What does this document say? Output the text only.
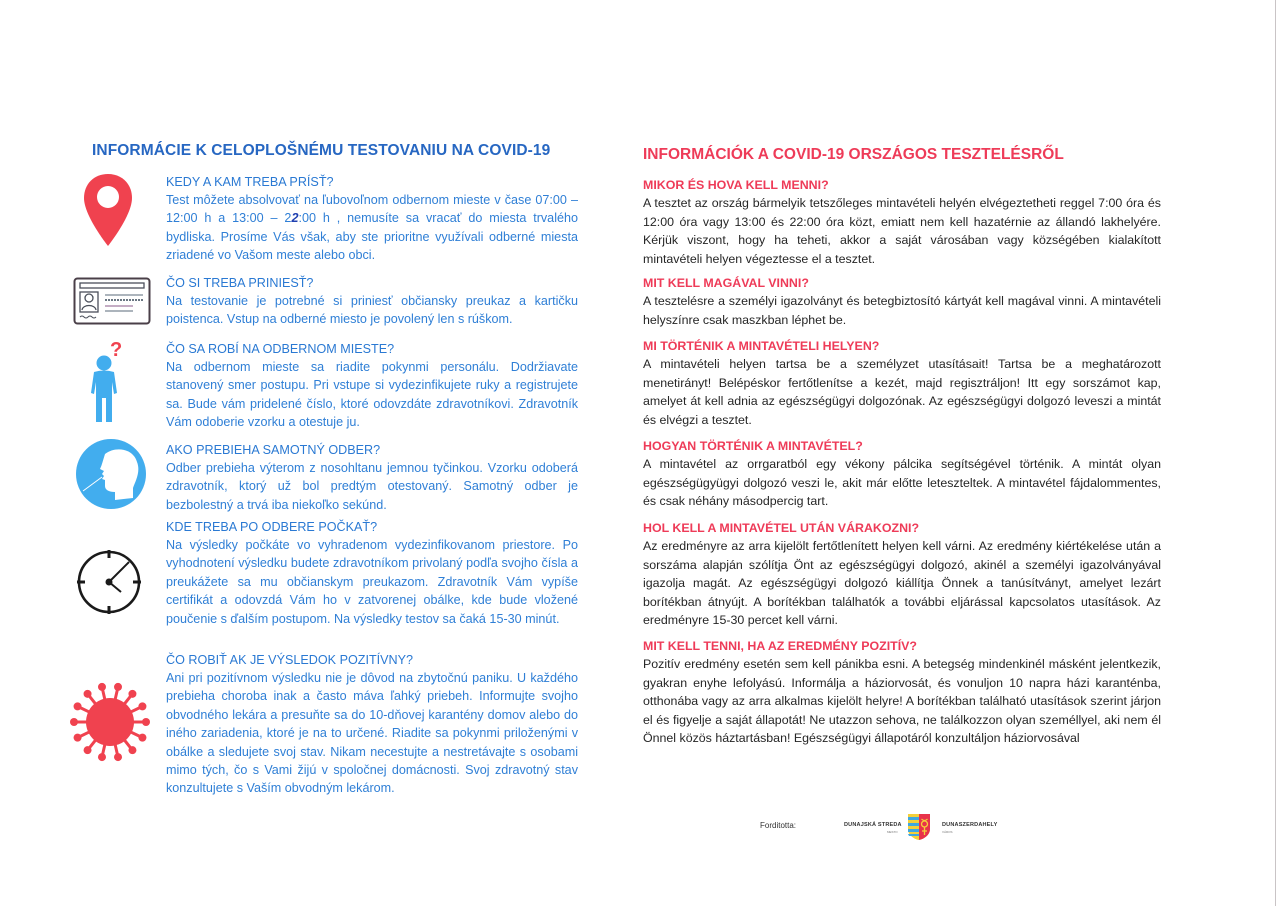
INFORMÁCIE K CELOPLOŠNÉMU TESTOVANIU NA COVID-19
KEDY A KAM TREBA PRÍSŤ?
Test môžete absolvovať na ľubovoľnom odbernom mieste v čase 07:00 – 12:00 h a 13:00 – 22:00 h , nemusíte sa vracať do miesta trvalého bydliska. Prosíme Vás však, aby ste prioritne využívali odberné miesta zriadené vo Vašom meste alebo obci.
ČO SI TREBA PRINIESŤ?
Na testovanie je potrebné si priniesť občiansky preukaz a kartičku poistenca. Vstup na odberné miesto je povolený len s rúškom.
?	ČO SA ROBÍ NA ODBERNOM MIESTE?
Na odbernom mieste sa riadite pokynmi personálu. Dodržiavate stanovený smer postupu. Pri vstupe si vydezinfikujete ruky a registrujete sa. Bude vám pridelené číslo, ktoré odovzdáte zdravotníkovi. Zdravotník Vám odoberie vzorku a otestuje ju.
AKO PREBIEHA SAMOTNÝ ODBER?
Odber prebieha výterom z nosohltanu jemnou tyčinkou. Vzorku odoberá zdravotník, ktorý už bol predtým otestovaný. Samotný odber je bezbolestný a trvá iba niekoľko sekúnd.
KDE TREBA PO ODBERE POČKAŤ?
Na výsledky počkáte vo vyhradenom vydezinfikovanom priestore. Po vyhodnotení výsledku budete zdravotníkom privolaný podľa svojho čísla a preukážete sa mu občianskym preukazom. Zdravotník Vám vypíše certifikát a odovzdá Vám ho v zatvorenej obálke, kde bude vložené poučenie s ďalším postupom. Na výsledky testov sa čaká 15-30 minút.
ČO ROBIŤ AK JE VÝSLEDOK POZITÍVNY?
Ani pri pozitívnom výsledku nie je dôvod na zbytočnú paniku. U každého prebieha choroba inak a často máva ľahký priebeh. Informujte svojho obvodného lekára a presuňte sa do 10-dňovej karantény domov alebo do iného zariadenia, ktoré je na to určené. Riadite sa pokynmi priloženými v obálke a sledujete svoj stav. Nikam necestujte a nestretávajte s osobami mimo tých, čo s Vami žijú v spoločnej domácnosti. Svoj zdravotný stav konzultujete s Vaším obvodným lekárom.
INFORMÁCIÓK A COVID-19 ORSZÁGOS TESZTELÉSRŐL
MIKOR ÉS HOVA KELL MENNI?
A tesztet az ország bármelyik tetszőleges mintavételi helyén elvégeztetheti reggel 7:00 óra és 12:00 óra vagy 13:00 és 22:00 óra közt, emiatt nem kell hazatérnie az állandó lakhelyére. Kérjük viszont, hogy ha teheti, akkor a saját városában vagy községében kialakított mintavételi helyen végeztesse el a tesztet.
MIT KELL MAGÁVAL VINNI?
A tesztelésre a személyi igazolványt és betegbiztosító kártyát kell magával vinni. A mintavételi helyszínre csak maszkban léphet be.
MI TÖRTÉNIK A MINTAVÉTELI HELYEN?
A mintavételi helyen tartsa be a személyzet utasításait! Tartsa be a meghatározott menetirányt! Belépéskor fertőtlenítse a kezét, majd regisztráljon! Itt egy sorszámot kap, amelyet át kell adnia az egészségügyi dolgozónak. Az egészségügyi dolgozó leveszi a mintát és elvégzi a tesztet.
HOGYAN TÖRTÉNIK A MINTAVÉTEL?
A mintavétel az orrgaratból egy vékony pálcika segítségével történik. A mintát olyan egészségügyügyi dolgozó veszi le, akit már előtte leteszteltek. A mintavétel fájdalommentes, és csak néhány másodpercig tart.
HOL KELL A MINTAVÉTEL UTÁN VÁRAKOZNI?
Az eredményre az arra kijelölt fertőtlenített helyen kell várni. Az eredmény kiértékelése után a sorszáma alapján szólítja Önt az egészségügyi dolgozó, akinél a személyi igazolványával igazolja magát. Az egészségügyi dolgozó kiállítja Önnek a tanúsítványt, amelyet lezárt borítékban átnyújt. A borítékban találhatók a további eljárással kapcsolatos utasítások. Az eredményre 15-30 percet kell várni.
MIT KELL TENNI, HA AZ EREDMÉNY POZITÍV?
Pozitív eredmény esetén sem kell pánikba esni. A betegség mindenkinél másként jelentkezik, gyakran enyhe lefolyású. Informálja a háziorvosát, és vonuljon 10 napra házi karanténba, otthonába vagy az arra alkalmas kijelölt helyre! A borítékban található utasítások szerint járjon el és figyelje a saját állapotát! Ne utazzon sehova, ne találkozzon olyan személlyel, aki nem él Önnel közös háztartásban! Egészségügyi állapotáról konzultáljon háziorvosával
Forditotta:	DUNAJSKÁ STREDA
MESTO
DUNASZERDAHELY
VÁROS
